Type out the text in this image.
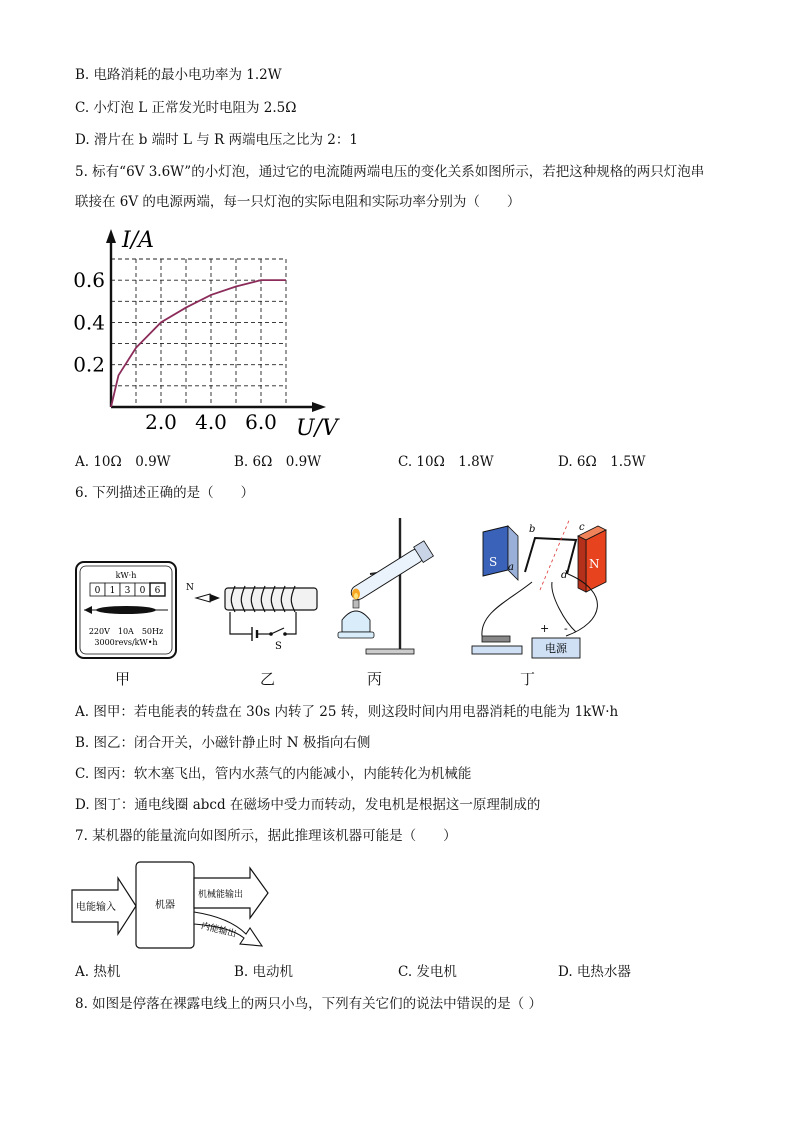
B. 电路消耗的最小电功率为 1.2W
C. 小灯泡 L 正常发光时电阻为 2.5Ω
D. 滑片在 b 端时 L 与 R 两端电压之比为 2：1
5. 标有“6V 3.6W”的小灯泡，通过它的电流随两端电压的变化关系如图所示，若把这种规格的两只灯泡串
联接在 6V 的电源两端，每一只灯泡的实际电阻和实际功率分别为（　　）
2.0 4.0 6.0
0.2
0.4
0.6
I/A
U/V
A. 10Ω　0.9W	B. 6Ω　0.9W	C. 10Ω　1.8W	D. 6Ω　1.5W
6. 下列描述正确的是（　　）
kW·h
0 1 3 0 6
220V　10A　50Hz
3000revs/kW•h
N
S
S	N
a
b	c
d
电源
+ -
甲	乙	丙	丁
A. 图甲：若电能表的转盘在 30s 内转了 25 转，则这段时间内用电器消耗的电能为 1kW·h
B. 图乙：闭合开关，小磁针静止时 N 极指向右侧
C. 图丙：软木塞飞出，管内水蒸气的内能减小，内能转化为机械能
D. 图丁：通电线圈 abcd 在磁场中受力而转动，发电机是根据这一原理制成的
7. 某机器的能量流向如图所示，据此推理该机器可能是（　　）
电能输入	机器
机械能输出
内能输出
A. 热机	B. 电动机	C. 发电机	D. 电热水器
8. 如图是停落在裸露电线上的两只小鸟，下列有关它们的说法中错误的是（ ）
